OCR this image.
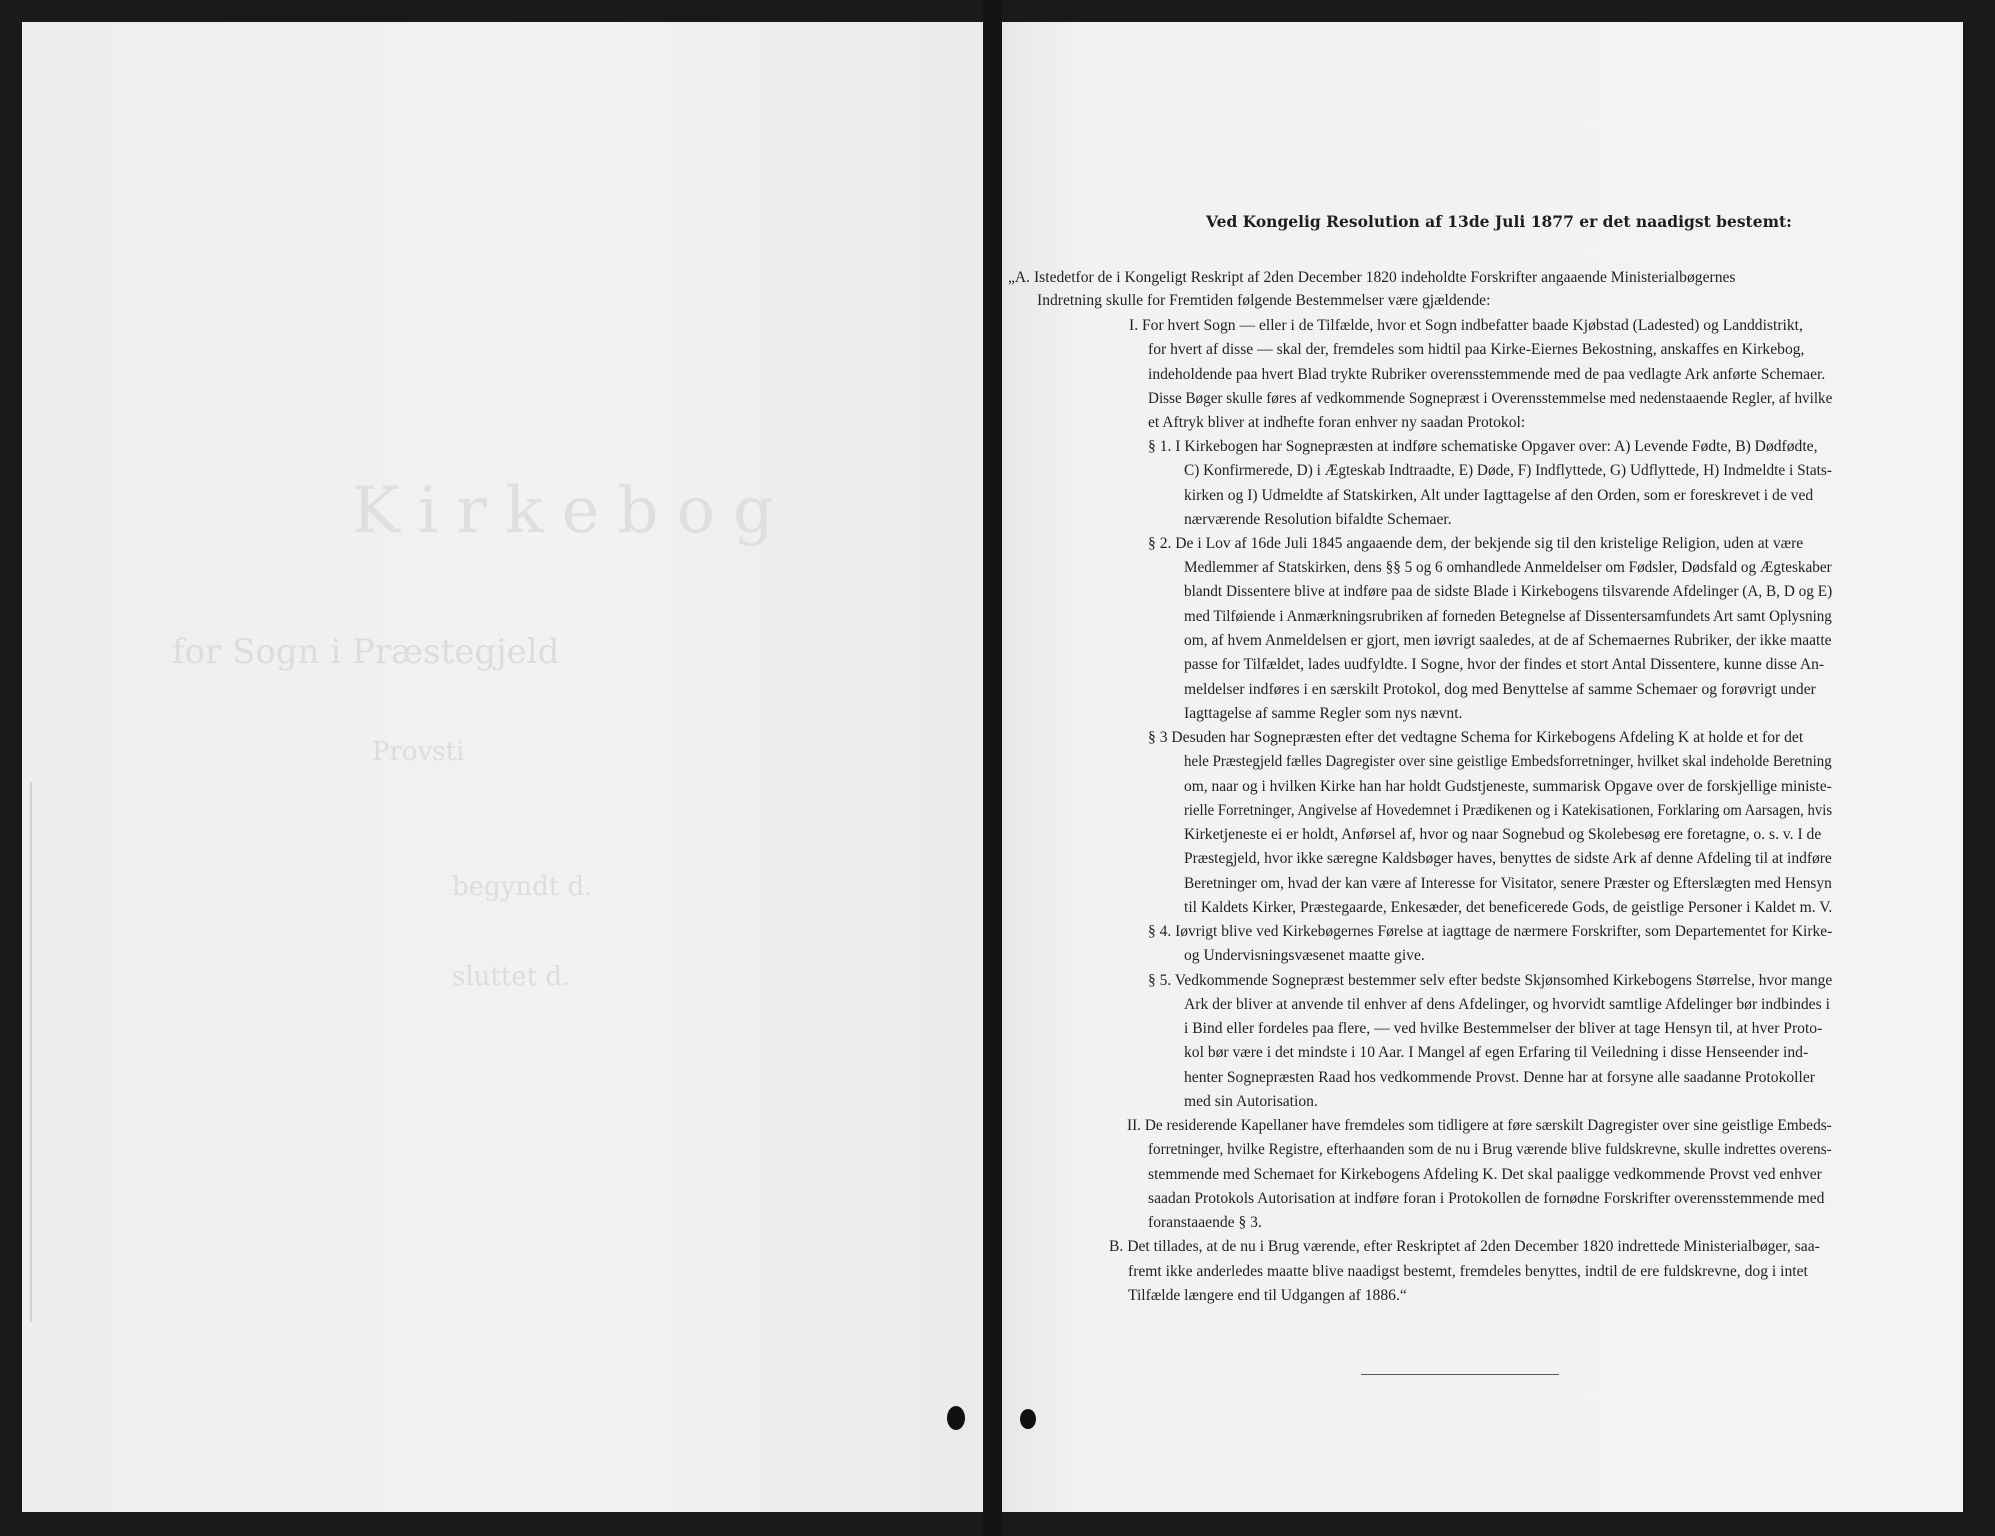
Kirkebog
for Sogn i Præstegjeld
Provsti
begyndt d.
sluttet d.
Ved Kongelig Resolution af 13de Juli 1877 er det naadigst bestemt:
„A. Istedetfor de i Kongeligt Reskript af 2den December 1820 indeholdte Forskrifter angaaende Ministerialbøgernes
Indretning skulle for Fremtiden følgende Bestemmelser være gjældende:
I. For hvert Sogn — eller i de Tilfælde, hvor et Sogn indbefatter baade Kjøbstad (Ladested) og Landdistrikt,
for hvert af disse — skal der, fremdeles som hidtil paa Kirke-Eiernes Bekostning, anskaffes en Kirkebog,
indeholdende paa hvert Blad trykte Rubriker overensstemmende med de paa vedlagte Ark anførte Schemaer.
Disse Bøger skulle føres af vedkommende Sognepræst i Overensstemmelse med nedenstaaende Regler, af hvilke
et Aftryk bliver at indhefte foran enhver ny saadan Protokol:
§ 1. I Kirkebogen har Sognepræsten at indføre schematiske Opgaver over: A) Levende Fødte, B) Dødfødte,
C) Konfirmerede, D) i Ægteskab Indtraadte, E) Døde, F) Indflyttede, G) Udflyttede, H) Indmeldte i Stats-
kirken og I) Udmeldte af Statskirken, Alt under Iagttagelse af den Orden, som er foreskrevet i de ved
nærværende Resolution bifaldte Schemaer.
§ 2. De i Lov af 16de Juli 1845 angaaende dem, der bekjende sig til den kristelige Religion, uden at være
Medlemmer af Statskirken, dens §§ 5 og 6 omhandlede Anmeldelser om Fødsler, Dødsfald og Ægteskaber
blandt Dissentere blive at indføre paa de sidste Blade i Kirkebogens tilsvarende Afdelinger (A, B, D og E)
med Tilføiende i Anmærkningsrubriken af forneden Betegnelse af Dissentersamfundets Art samt Oplysning
om, af hvem Anmeldelsen er gjort, men iøvrigt saaledes, at de af Schemaernes Rubriker, der ikke maatte
passe for Tilfældet, lades uudfyldte. I Sogne, hvor der findes et stort Antal Dissentere, kunne disse An-
meldelser indføres i en særskilt Protokol, dog med Benyttelse af samme Schemaer og forøvrigt under
Iagttagelse af samme Regler som nys nævnt.
§ 3 Desuden har Sognepræsten efter det vedtagne Schema for Kirkebogens Afdeling K at holde et for det
hele Præstegjeld fælles Dagregister over sine geistlige Embedsforretninger, hvilket skal indeholde Beretning
om, naar og i hvilken Kirke han har holdt Gudstjeneste, summarisk Opgave over de forskjellige ministe-
rielle Forretninger, Angivelse af Hovedemnet i Prædikenen og i Katekisationen, Forklaring om Aarsagen, hvis
Kirketjeneste ei er holdt, Anførsel af, hvor og naar Sognebud og Skolebesøg ere foretagne, o. s. v. I de
Præstegjeld, hvor ikke særegne Kaldsbøger haves, benyttes de sidste Ark af denne Afdeling til at indføre
Beretninger om, hvad der kan være af Interesse for Visitator, senere Præster og Efterslægten med Hensyn
til Kaldets Kirker, Præstegaarde, Enkesæder, det beneficerede Gods, de geistlige Personer i Kaldet m. V.
§ 4. Iøvrigt blive ved Kirkebøgernes Førelse at iagttage de nærmere Forskrifter, som Departementet for Kirke-
og Undervisningsvæsenet maatte give.
§ 5. Vedkommende Sognepræst bestemmer selv efter bedste Skjønsomhed Kirkebogens Størrelse, hvor mange
Ark der bliver at anvende til enhver af dens Afdelinger, og hvorvidt samtlige Afdelinger bør indbindes i
i Bind eller fordeles paa flere, — ved hvilke Bestemmelser der bliver at tage Hensyn til, at hver Proto-
kol bør være i det mindste i 10 Aar. I Mangel af egen Erfaring til Veiledning i disse Henseender ind-
henter Sognepræsten Raad hos vedkommende Provst. Denne har at forsyne alle saadanne Protokoller
med sin Autorisation.
II. De residerende Kapellaner have fremdeles som tidligere at føre særskilt Dagregister over sine geistlige Embeds-
forretninger, hvilke Registre, efterhaanden som de nu i Brug værende blive fuldskrevne, skulle indrettes overens-
stemmende med Schemaet for Kirkebogens Afdeling K. Det skal paaligge vedkommende Provst ved enhver
saadan Protokols Autorisation at indføre foran i Protokollen de fornødne Forskrifter overensstemmende med
foranstaaende § 3.
B. Det tillades, at de nu i Brug værende, efter Reskriptet af 2den December 1820 indrettede Ministerialbøger, saa-
fremt ikke anderledes maatte blive naadigst bestemt, fremdeles benyttes, indtil de ere fuldskrevne, dog i intet
Tilfælde længere end til Udgangen af 1886.“
